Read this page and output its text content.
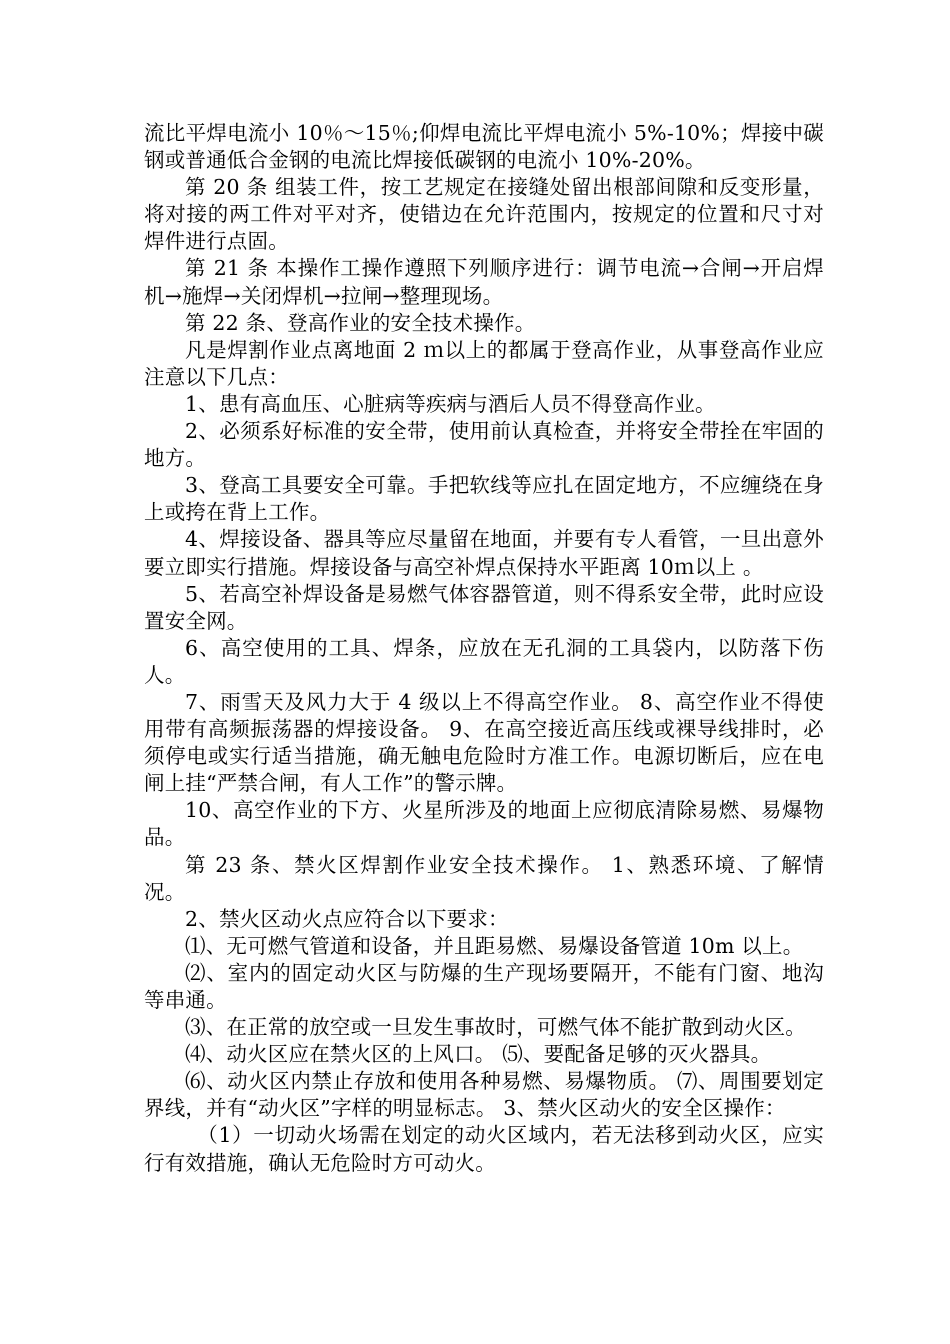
流比平焊电流小 10％～15％;仰焊电流比平焊电流小 5%-10%；焊接中碳钢或普通低合金钢的电流比焊接低碳钢的电流小 10%-20%。

第 20 条 组装工件，按工艺规定在接缝处留出根部间隙和反变形量，将对接的两工件对平对齐，使错边在允许范围内，按规定的位置和尺寸对焊件进行点固。

第 21 条 本操作工操作遵照下列顺序进行：调节电流→合闸→开启焊机→施焊→关闭焊机→拉闸→整理现场。

第 22 条、登高作业的安全技术操作。

凡是焊割作业点离地面 2 ｍ以上的都属于登高作业，从事登高作业应注意以下几点：

1、患有高血压、心脏病等疾病与酒后人员不得登高作业。

2、必须系好标准的安全带，使用前认真检查，并将安全带拴在牢固的地方。

3、登高工具要安全可靠。手把软线等应扎在固定地方，不应缠绕在身上或挎在背上工作。

4、焊接设备、器具等应尽量留在地面，并要有专人看管，一旦出意外要立即实行措施。焊接设备与高空补焊点保持水平距离 10ｍ以上 。

5、若高空补焊设备是易燃气体容器管道，则不得系安全带，此时应设置安全网。

6、高空使用的工具、焊条，应放在无孔洞的工具袋内，以防落下伤人。

7、雨雪天及风力大于 4 级以上不得高空作业。 8、高空作业不得使用带有高频振荡器的焊接设备。 9、在高空接近高压线或裸导线排时，必须停电或实行适当措施，确无触电危险时方准工作。电源切断后，应在电闸上挂“严禁合闸，有人工作”的警示牌。

10、高空作业的下方、火星所涉及的地面上应彻底清除易燃、易爆物品。

第 23 条、禁火区焊割作业安全技术操作。 1、熟悉环境、了解情况。

2、禁火区动火点应符合以下要求：

⑴、无可燃气管道和设备，并且距易燃、易爆设备管道 10m 以上。

⑵、室内的固定动火区与防爆的生产现场要隔开，不能有门窗、地沟等串通。

⑶、在正常的放空或一旦发生事故时，可燃气体不能扩散到动火区。

⑷、动火区应在禁火区的上风口。 ⑸、要配备足够的灭火器具。

⑹、动火区内禁止存放和使用各种易燃、易爆物质。 ⑺、周围要划定界线，并有“动火区”字样的明显标志。 3、禁火区动火的安全区操作：

（1）一切动火场需在划定的动火区域内，若无法移到动火区，应实行有效措施，确认无危险时方可动火。
